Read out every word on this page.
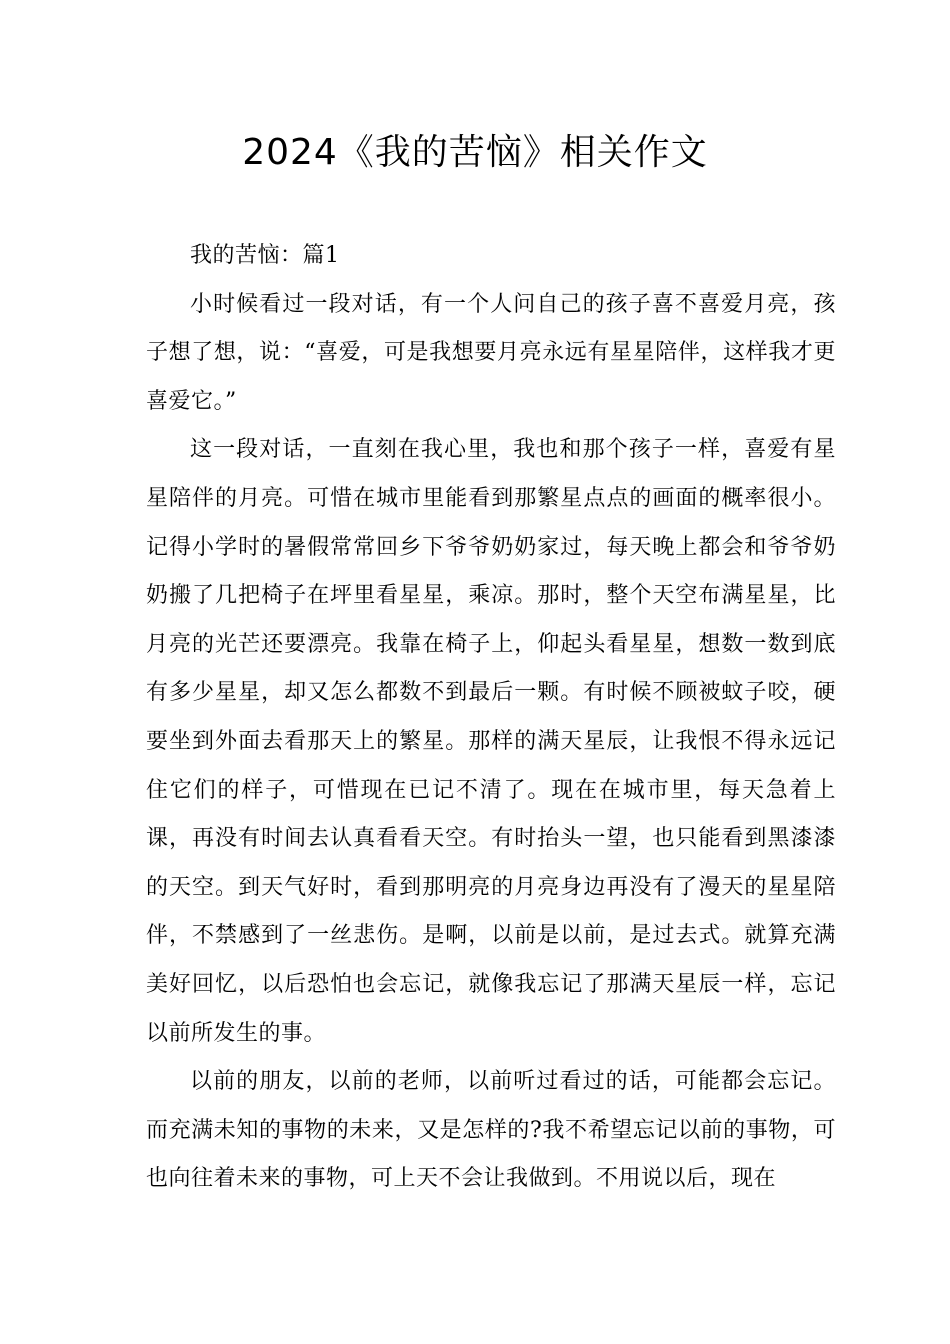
2024《我的苦恼》相关作文

我的苦恼：篇1

小时候看过一段对话，有一个人问自己的孩子喜不喜爱月亮，孩子想了想，说：“喜爱，可是我想要月亮永远有星星陪伴，这样我才更喜爱它。”

这一段对话，一直刻在我心里，我也和那个孩子一样，喜爱有星星陪伴的月亮。可惜在城市里能看到那繁星点点的画面的概率很小。记得小学时的暑假常常回乡下爷爷奶奶家过，每天晚上都会和爷爷奶奶搬了几把椅子在坪里看星星，乘凉。那时，整个天空布满星星，比月亮的光芒还要漂亮。我靠在椅子上，仰起头看星星，想数一数到底有多少星星，却又怎么都数不到最后一颗。有时候不顾被蚊子咬，硬要坐到外面去看那天上的繁星。那样的满天星辰，让我恨不得永远记住它们的样子，可惜现在已记不清了。现在在城市里，每天急着上课，再没有时间去认真看看天空。有时抬头一望，也只能看到黑漆漆的天空。到天气好时，看到那明亮的月亮身边再没有了漫天的星星陪伴，不禁感到了一丝悲伤。是啊，以前是以前，是过去式。就算充满美好回忆，以后恐怕也会忘记，就像我忘记了那满天星辰一样，忘记以前所发生的事。

以前的朋友，以前的老师，以前听过看过的话，可能都会忘记。而充满未知的事物的未来，又是怎样的?我不希望忘记以前的事物，可也向往着未来的事物，可上天不会让我做到。不用说以后，现在
